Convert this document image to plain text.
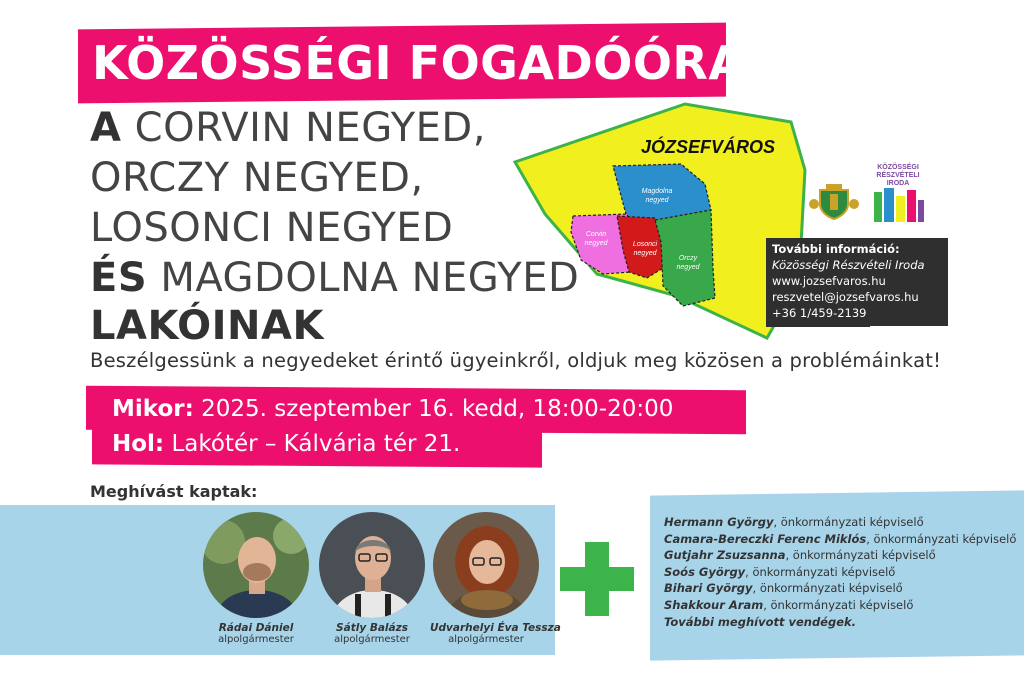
KÖZÖSSÉGI FOGADÓÓRA
A CORVIN NEGYED,
ORCZY NEGYED,
LOSONCI NEGYED
ÉS MAGDOLNA NEGYED
LAKÓINAK
Beszélgessünk a negyedeket érintő ügyeinkről, oldjuk meg közösen a problémáinkat!
JÓZSEFVÁROS
Magdolna
negyed
Corvin
negyed	Losonci
negyed
Orczy
negyed
KÖZÖSSÉGI
RÉSZVÉTELI
IRODA
További információ:
Közösségi Részvételi Iroda
www.jozsefvaros.hu
reszvetel@jozsefvaros.hu
+36 1/459-2139
Mikor: 2025. szeptember 16. kedd, 18:00-20:00
Hol: Lakótér – Kálvária tér 21.
Meghívást kaptak:
Rádai Dániel
alpolgármester
Sátly Balázs
alpolgármester
Udvarhelyi Éva Tessza
alpolgármester
Hermann György, önkormányzati képviselő
Camara-Bereczki Ferenc Miklós, önkormányzati képviselő
Gutjahr Zsuzsanna, önkormányzati képviselő
Soós György, önkormányzati képviselő
Bihari György, önkormányzati képviselő
Shakkour Aram, önkormányzati képviselő
További meghívott vendégek.
